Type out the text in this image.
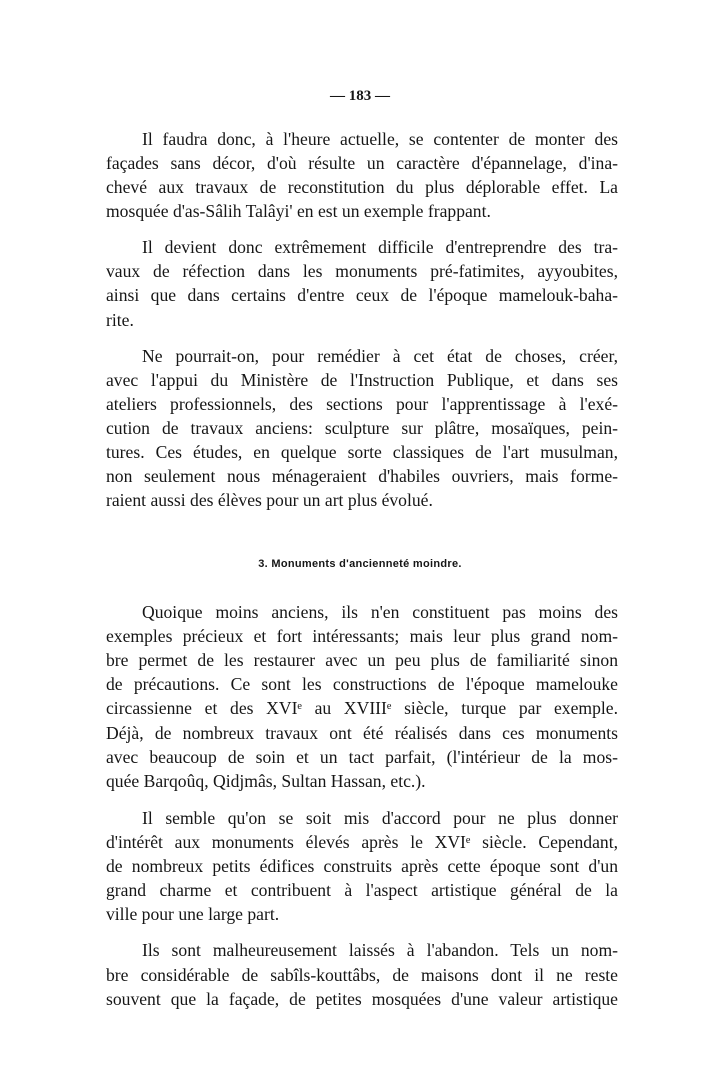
— 183 —
3. Monuments d'ancienneté moindre.
Il faudra donc, à l'heure actuelle, se contenter de monter des
façades sans décor, d'où résulte un caractère d'épannelage, d'ina-
chevé aux travaux de reconstitution du plus déplorable effet. La
mosquée d'as-Sâlih Talâyi' en est un exemple frappant.
Il devient donc extrêmement difficile d'entreprendre des tra-
vaux de réfection dans les monuments pré-fatimites, ayyoubites,
ainsi que dans certains d'entre ceux de l'époque mamelouk-baha-
rite.
Ne pourrait-on, pour remédier à cet état de choses, créer,
avec l'appui du Ministère de l'Instruction Publique, et dans ses
ateliers professionnels, des sections pour l'apprentissage à l'exé-
cution de travaux anciens: sculpture sur plâtre, mosaïques, pein-
tures. Ces études, en quelque sorte classiques de l'art musulman,
non seulement nous ménageraient d'habiles ouvriers, mais forme-
raient aussi des élèves pour un art plus évolué.
Quoique moins anciens, ils n'en constituent pas moins des
exemples précieux et fort intéressants; mais leur plus grand nom-
bre permet de les restaurer avec un peu plus de familiarité sinon
de précautions. Ce sont les constructions de l'époque mamelouke
circassienne et des XVIᵉ au XVIIIᵉ siècle, turque par exemple.
Déjà, de nombreux travaux ont été réalisés dans ces monuments
avec beaucoup de soin et un tact parfait, (l'intérieur de la mos-
quée Barqoûq, Qidjmâs, Sultan Hassan, etc.).
Il semble qu'on se soit mis d'accord pour ne plus donner
d'intérêt aux monuments élevés après le XVIᵉ siècle. Cependant,
de nombreux petits édifices construits après cette époque sont d'un
grand charme et contribuent à l'aspect artistique général de la
ville pour une large part.
Ils sont malheureusement laissés à l'abandon. Tels un nom-
bre considérable de sabîls-kouttâbs, de maisons dont il ne reste
souvent que la façade, de petites mosquées d'une valeur artistique
